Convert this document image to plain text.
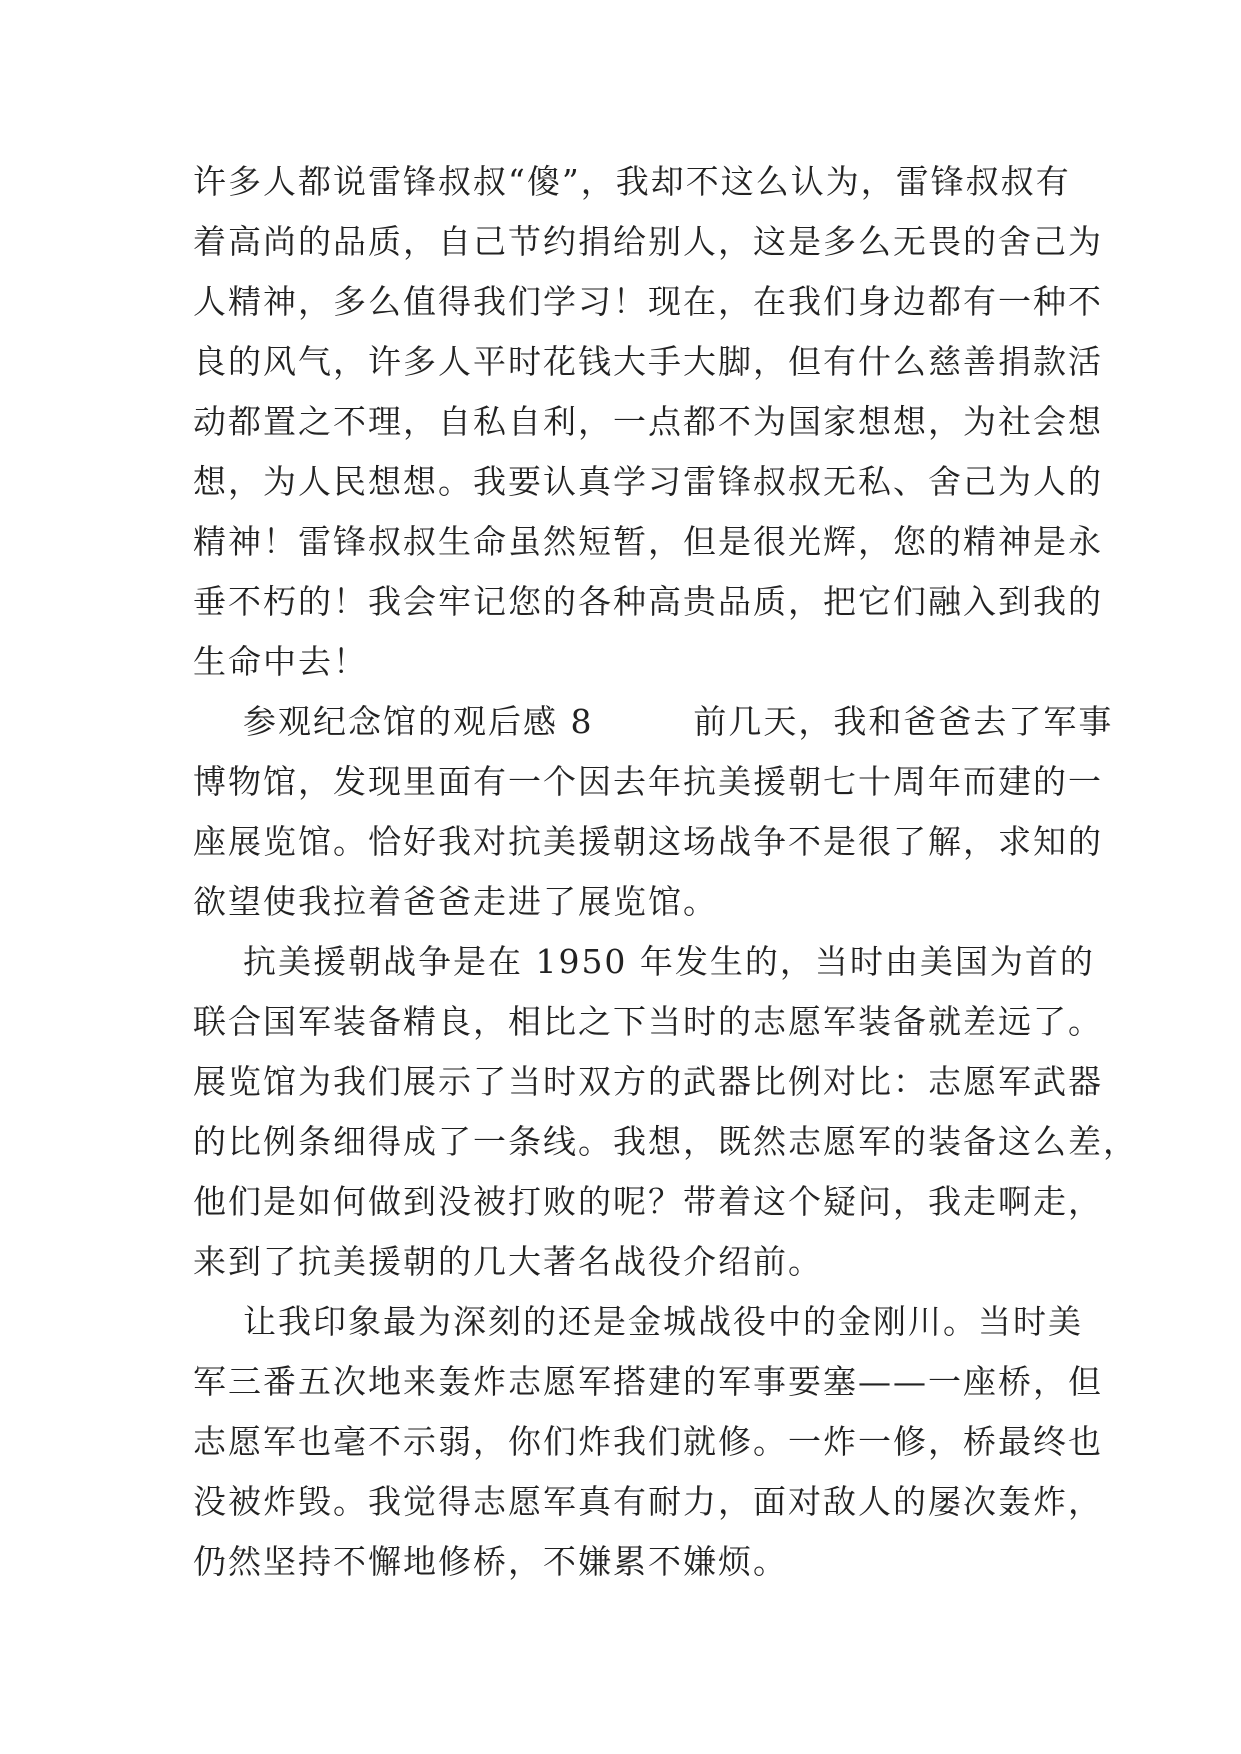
许多人都说雷锋叔叔“傻”，我却不这么认为，雷锋叔叔有
着高尚的品质，自己节约捐给别人，这是多么无畏的舍己为
人精神，多么值得我们学习！现在，在我们身边都有一种不
良的风气，许多人平时花钱大手大脚，但有什么慈善捐款活
动都置之不理，自私自利，一点都不为国家想想，为社会想
想，为人民想想。我要认真学习雷锋叔叔无私、舍己为人的
精神！雷锋叔叔生命虽然短暂，但是很光辉，您的精神是永
垂不朽的！我会牢记您的各种高贵品质，把它们融入到我的
生命中去！
参观纪念馆的观后感 8        前几天，我和爸爸去了军事
博物馆，发现里面有一个因去年抗美援朝七十周年而建的一
座展览馆。恰好我对抗美援朝这场战争不是很了解，求知的
欲望使我拉着爸爸走进了展览馆。
抗美援朝战争是在 1950 年发生的，当时由美国为首的
联合国军装备精良，相比之下当时的志愿军装备就差远了。
展览馆为我们展示了当时双方的武器比例对比：志愿军武器
的比例条细得成了一条线。我想，既然志愿军的装备这么差，
他们是如何做到没被打败的呢？带着这个疑问，我走啊走，
来到了抗美援朝的几大著名战役介绍前。
让我印象最为深刻的还是金城战役中的金刚川。当时美
军三番五次地来轰炸志愿军搭建的军事要塞——一座桥，但
志愿军也毫不示弱，你们炸我们就修。一炸一修，桥最终也
没被炸毁。我觉得志愿军真有耐力，面对敌人的屡次轰炸，
仍然坚持不懈地修桥，不嫌累不嫌烦。
